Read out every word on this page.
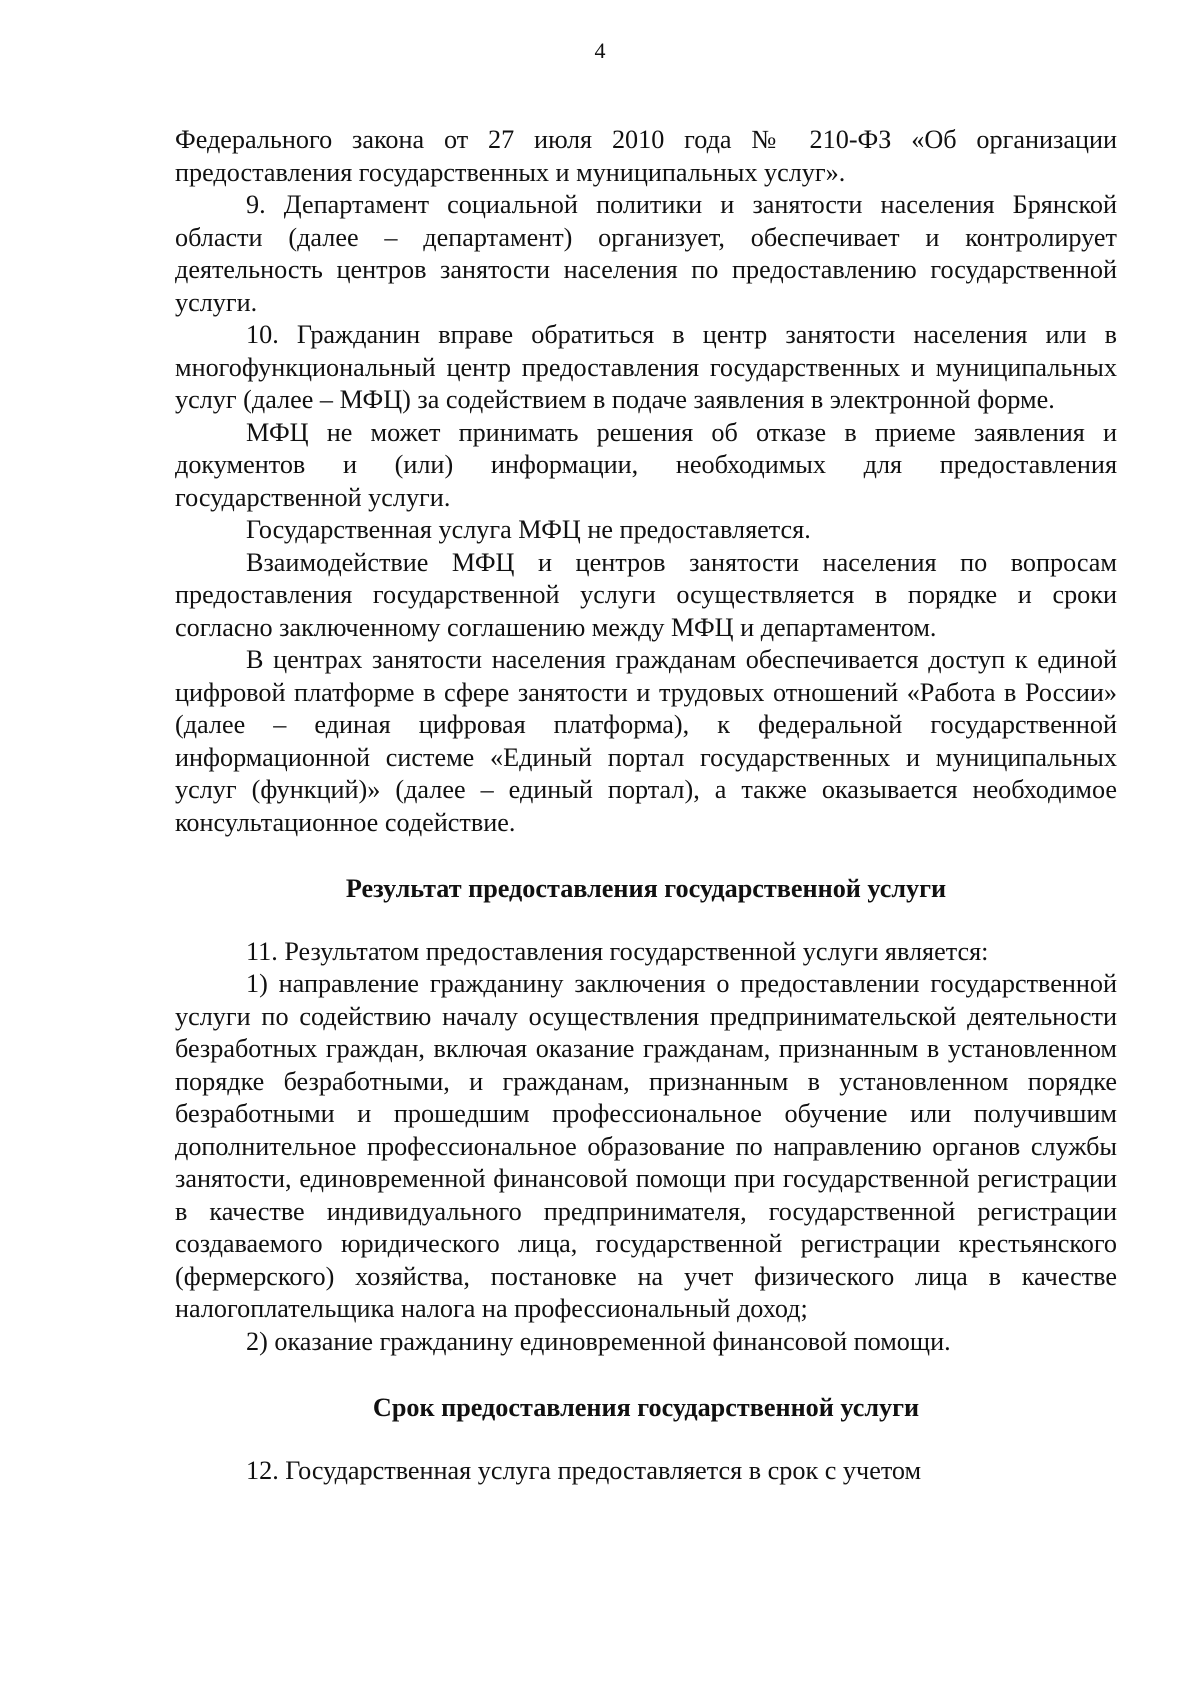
4

Федерального закона от 27 июля 2010 года № 210-ФЗ «Об организации предоставления государственных и муниципальных услуг».

9. Департамент социальной политики и занятости населения Брянской области (далее – департамент) организует, обеспечивает и контролирует деятельность центров занятости населения по предоставлению государственной услуги.

10. Гражданин вправе обратиться в центр занятости населения или в многофункциональный центр предоставления государственных и муниципальных услуг (далее – МФЦ) за содействием в подаче заявления в электронной форме.

МФЦ не может принимать решения об отказе в приеме заявления и документов и (или) информации, необходимых для предоставления государственной услуги.

Государственная услуга МФЦ не предоставляется.

Взаимодействие МФЦ и центров занятости населения по вопросам предоставления государственной услуги осуществляется в порядке и сроки согласно заключенному соглашению между МФЦ и департаментом.

В центрах занятости населения гражданам обеспечивается доступ к единой цифровой платформе в сфере занятости и трудовых отношений «Работа в России» (далее – единая цифровая платформа), к федеральной государственной информационной системе «Единый портал государственных и муниципальных услуг (функций)» (далее – единый портал), а также оказывается необходимое консультационное содействие.

Результат предоставления государственной услуги

11. Результатом предоставления государственной услуги является:

1) направление гражданину заключения о предоставлении государственной услуги по содействию началу осуществления предпринимательской деятельности безработных граждан, включая оказание гражданам, признанным в установленном порядке безработными, и гражданам, признанным в установленном порядке безработными и прошедшим профессиональное обучение или получившим дополнительное профессиональное образование по направлению органов службы занятости, единовременной финансовой помощи при государственной регистрации в качестве индивидуального предпринимателя, государственной регистрации создаваемого юридического лица, государственной регистрации крестьянского (фермерского) хозяйства, постановке на учет физического лица в качестве налогоплательщика налога на профессиональный доход;

2) оказание гражданину единовременной финансовой помощи.

Срок предоставления государственной услуги

12. Государственная услуга предоставляется в срок с учетом
